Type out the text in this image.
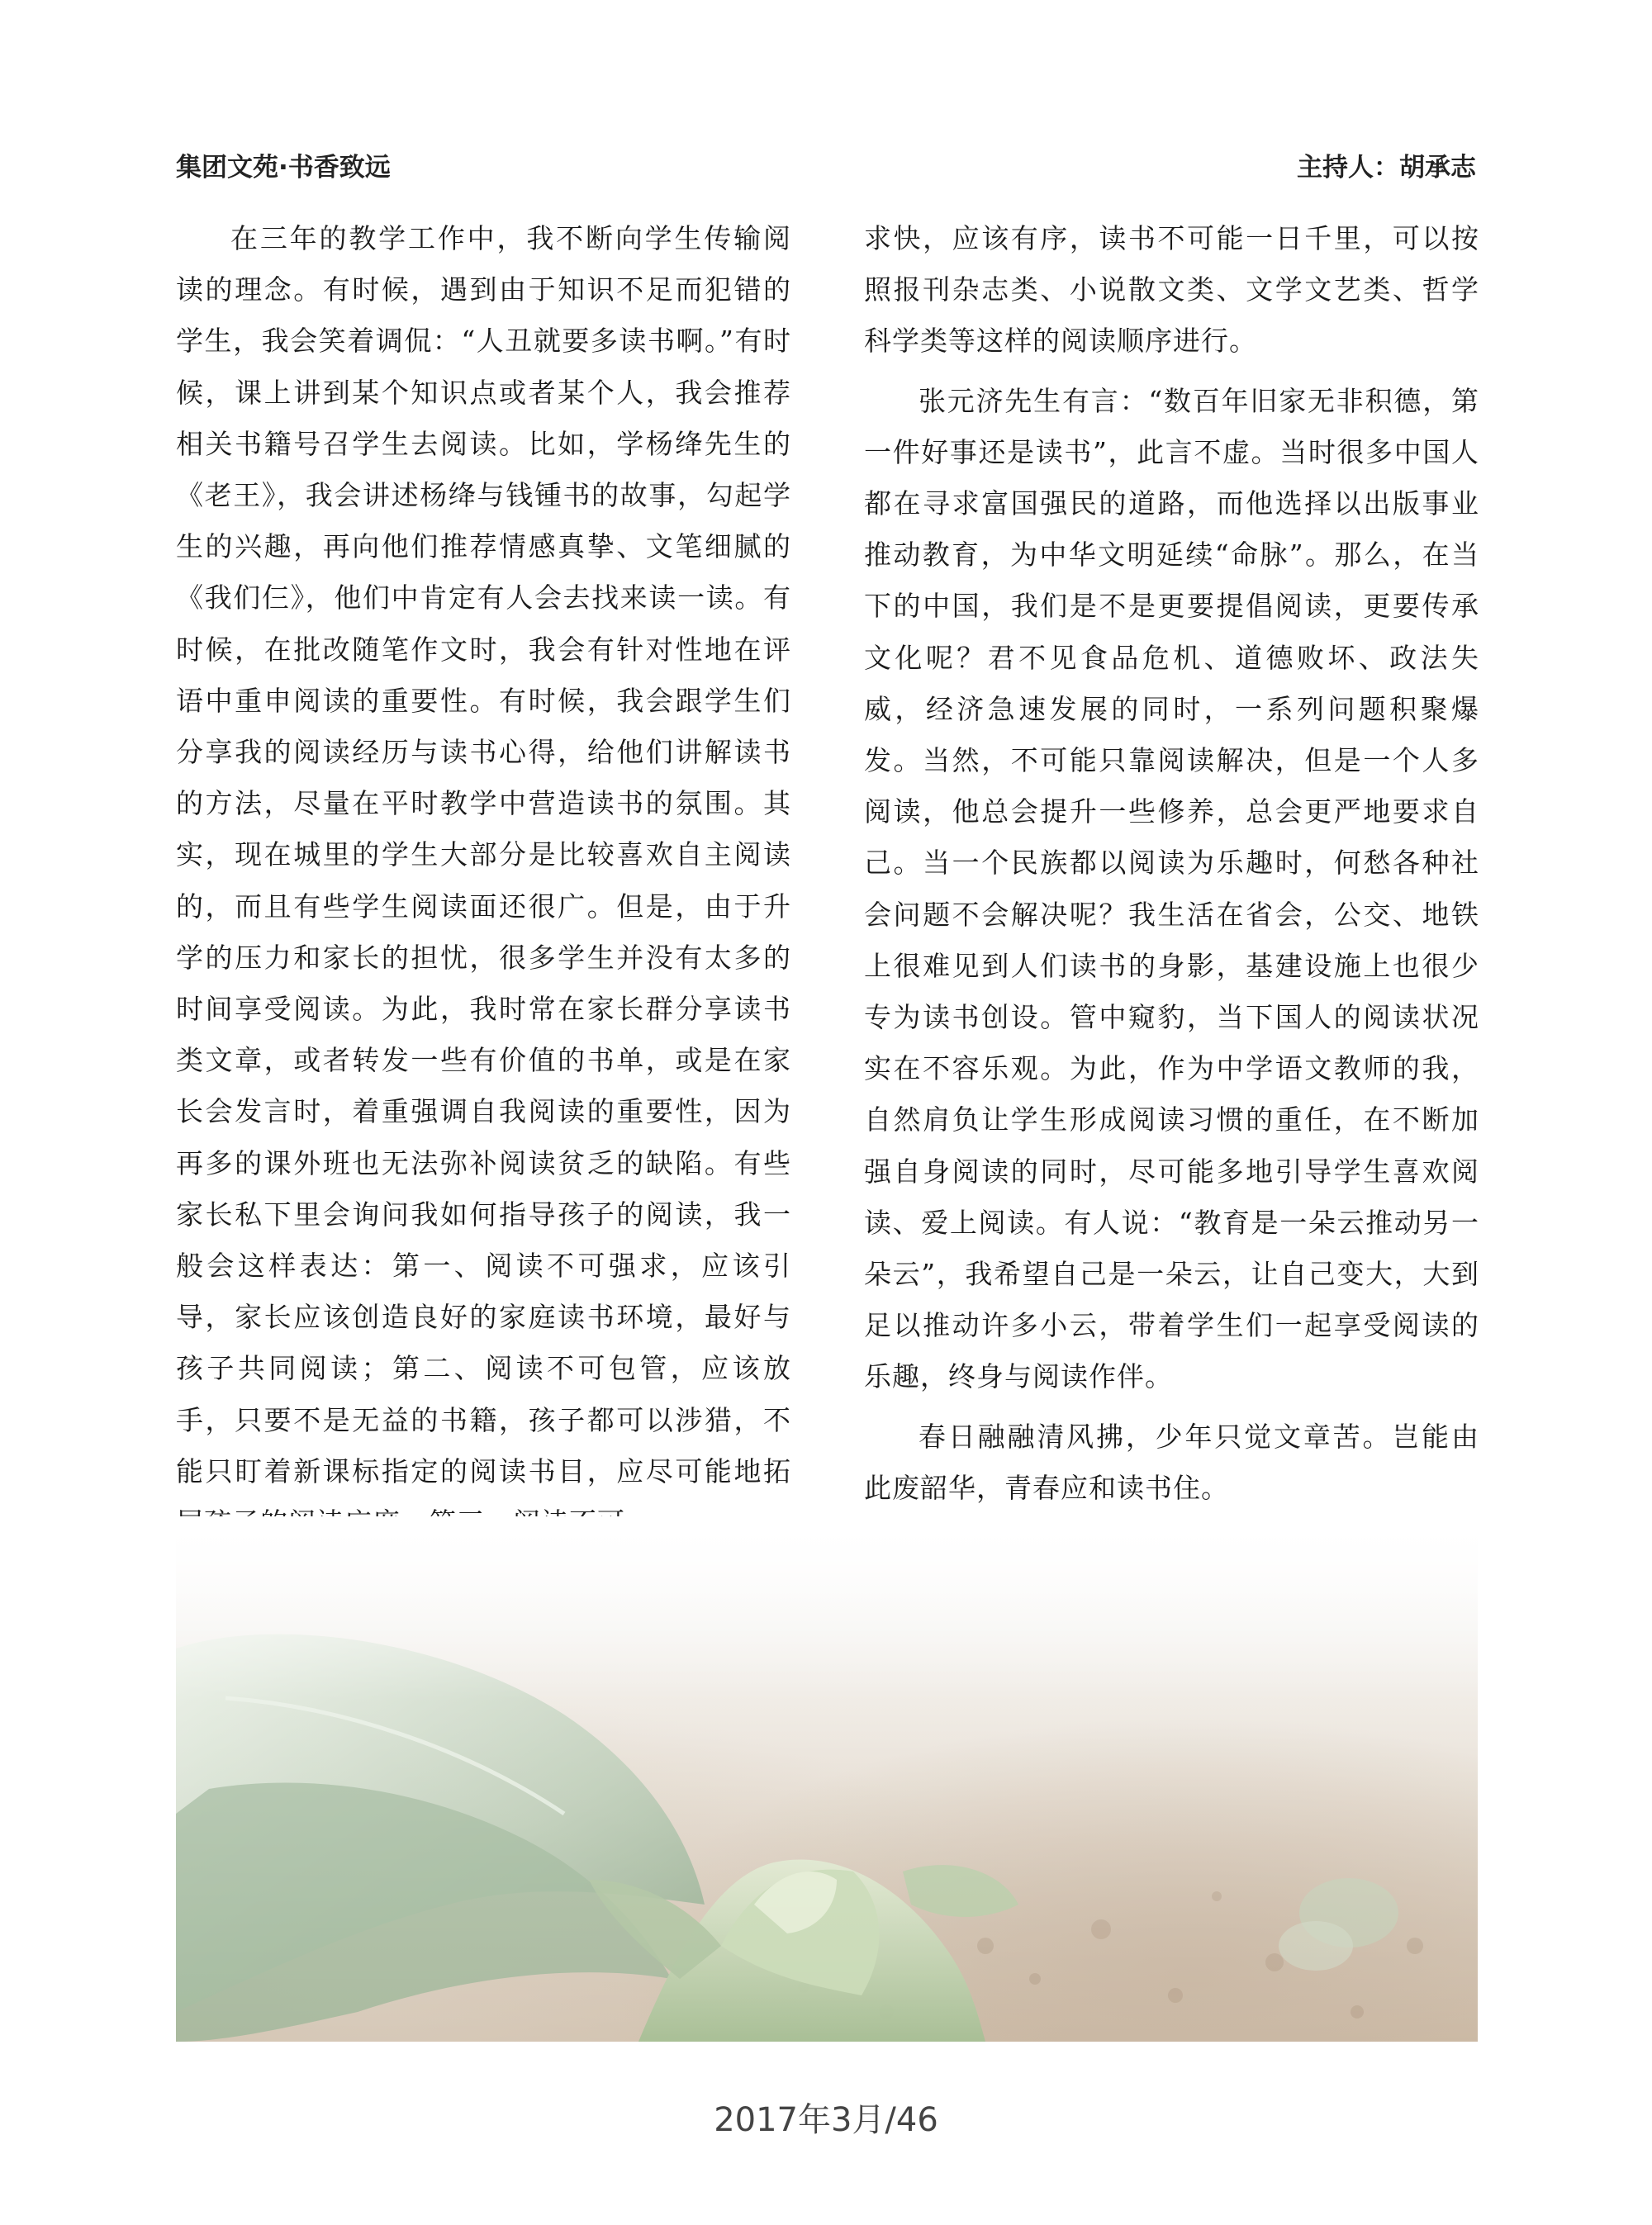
集团文苑·书香致远	主持人：胡承志

在三年的教学工作中，我不断向学生传输阅读的理念。有时候，遇到由于知识不足而犯错的学生，我会笑着调侃：“人丑就要多读书啊。”有时候，课上讲到某个知识点或者某个人，我会推荐相关书籍号召学生去阅读。比如，学杨绛先生的《老王》，我会讲述杨绛与钱锺书的故事，勾起学生的兴趣，再向他们推荐情感真挚、文笔细腻的《我们仨》，他们中肯定有人会去找来读一读。有时候，在批改随笔作文时，我会有针对性地在评语中重申阅读的重要性。有时候，我会跟学生们分享我的阅读经历与读书心得，给他们讲解读书的方法，尽量在平时教学中营造读书的氛围。其实，现在城里的学生大部分是比较喜欢自主阅读的，而且有些学生阅读面还很广。但是，由于升学的压力和家长的担忧，很多学生并没有太多的时间享受阅读。为此，我时常在家长群分享读书类文章，或者转发一些有价值的书单，或是在家长会发言时，着重强调自我阅读的重要性，因为再多的课外班也无法弥补阅读贫乏的缺陷。有些家长私下里会询问我如何指导孩子的阅读，我一般会这样表达：第一、阅读不可强求，应该引导，家长应该创造良好的家庭读书环境，最好与孩子共同阅读；第二、阅读不可包管，应该放手，只要不是无益的书籍，孩子都可以涉猎，不能只盯着新课标指定的阅读书目，应尽可能地拓

求快，应该有序，读书不可能一日千里，可以按照报刊杂志类、小说散文类、文学文艺类、哲学科学类等这样的阅读顺序进行。

张元济先生有言：“数百年旧家无非积德，第一件好事还是读书”，此言不虚。当时很多中国人都在寻求富国强民的道路，而他选择以出版事业推动教育，为中华文明延续“命脉”。那么，在当下的中国，我们是不是更要提倡阅读，更要传承文化呢？君不见食品危机、道德败坏、政法失威，经济急速发展的同时，一系列问题积聚爆发。当然，不可能只靠阅读解决，但是一个人多阅读，他总会提升一些修养，总会更严地要求自己。当一个民族都以阅读为乐趣时，何愁各种社会问题不会解决呢？我生活在省会，公交、地铁上很难见到人们读书的身影，基建设施上也很少专为读书创设。管中窥豹，当下国人的阅读状况实在不容乐观。为此，作为中学语文教师的我，自然肩负让学生形成阅读习惯的重任，在不断加强自身阅读的同时，尽可能多地引导学生喜欢阅读、爱上阅读。有人说：“教育是一朵云推动另一朵云”，我希望自己是一朵云，让自己变大，大到足以推动许多小云，带着学生们一起享受阅读的乐趣，终身与阅读作伴。

春日融融清风拂，少年只觉文章苦。岂能由此废韶华，青春应和读书住。

2017年3月/46
